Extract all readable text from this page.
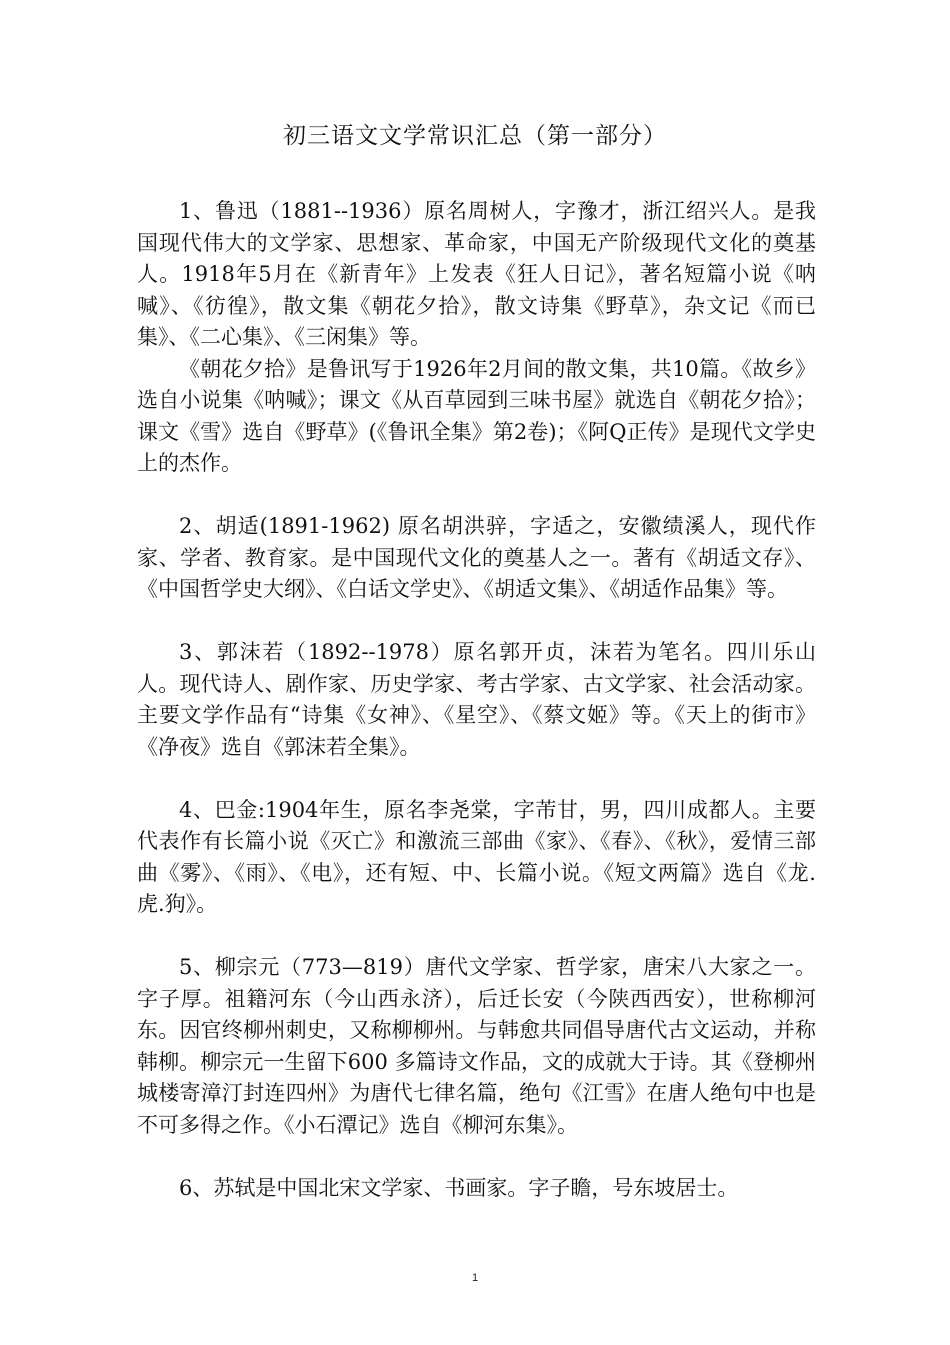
初三语文文学常识汇总（第一部分）

1、鲁迅（1881--1936）原名周树人，字豫才，浙江绍兴人。是我国现代伟大的文学家、思想家、革命家，中国无产阶级现代文化的奠基人。1918年5月在《新青年》上发表《狂人日记》，著名短篇小说《呐喊》、《彷徨》，散文集《朝花夕拾》，散文诗集《野草》，杂文记《而已集》、《二心集》、《三闲集》等。

《朝花夕拾》是鲁讯写于1926年2月间的散文集，共10篇。《故乡》选自小说集《呐喊》；课文《从百草园到三味书屋》就选自《朝花夕拾》；课文《雪》选自《野草》(《鲁讯全集》第2卷)；《阿Q正传》是现代文学史上的杰作。

2、胡适(1891-1962) 原名胡洪骍，字适之，安徽绩溪人，现代作家、学者、教育家。是中国现代文化的奠基人之一。著有《胡适文存》、《中国哲学史大纲》、《白话文学史》、《胡适文集》、《胡适作品集》等。

3、郭沫若（1892--1978）原名郭开贞，沫若为笔名。四川乐山人。现代诗人、剧作家、历史学家、考古学家、古文学家、社会活动家。主要文学作品有“诗集《女神》、《星空》、《蔡文姬》等。《天上的街市》《净夜》选自《郭沫若全集》。

4、巴金:1904年生，原名李尧棠，字芾甘，男，四川成都人。主要代表作有长篇小说《灭亡》和激流三部曲《家》、《春》、《秋》，爱情三部曲《雾》、《雨》、《电》，还有短、中、长篇小说。《短文两篇》选自《龙.虎.狗》。

5、柳宗元（773—819）唐代文学家、哲学家，唐宋八大家之一。字子厚。祖籍河东（今山西永济），后迁长安（今陕西西安），世称柳河东。因官终柳州刺史，又称柳柳州。与韩愈共同倡导唐代古文运动，并称韩柳。柳宗元一生留下600 多篇诗文作品，文的成就大于诗。其《登柳州城楼寄漳汀封连四州》为唐代七律名篇，绝句《江雪》在唐人绝句中也是不可多得之作。《小石潭记》选自《柳河东集》。

6、苏轼是中国北宋文学家、书画家。字子瞻，号东坡居士。

1
